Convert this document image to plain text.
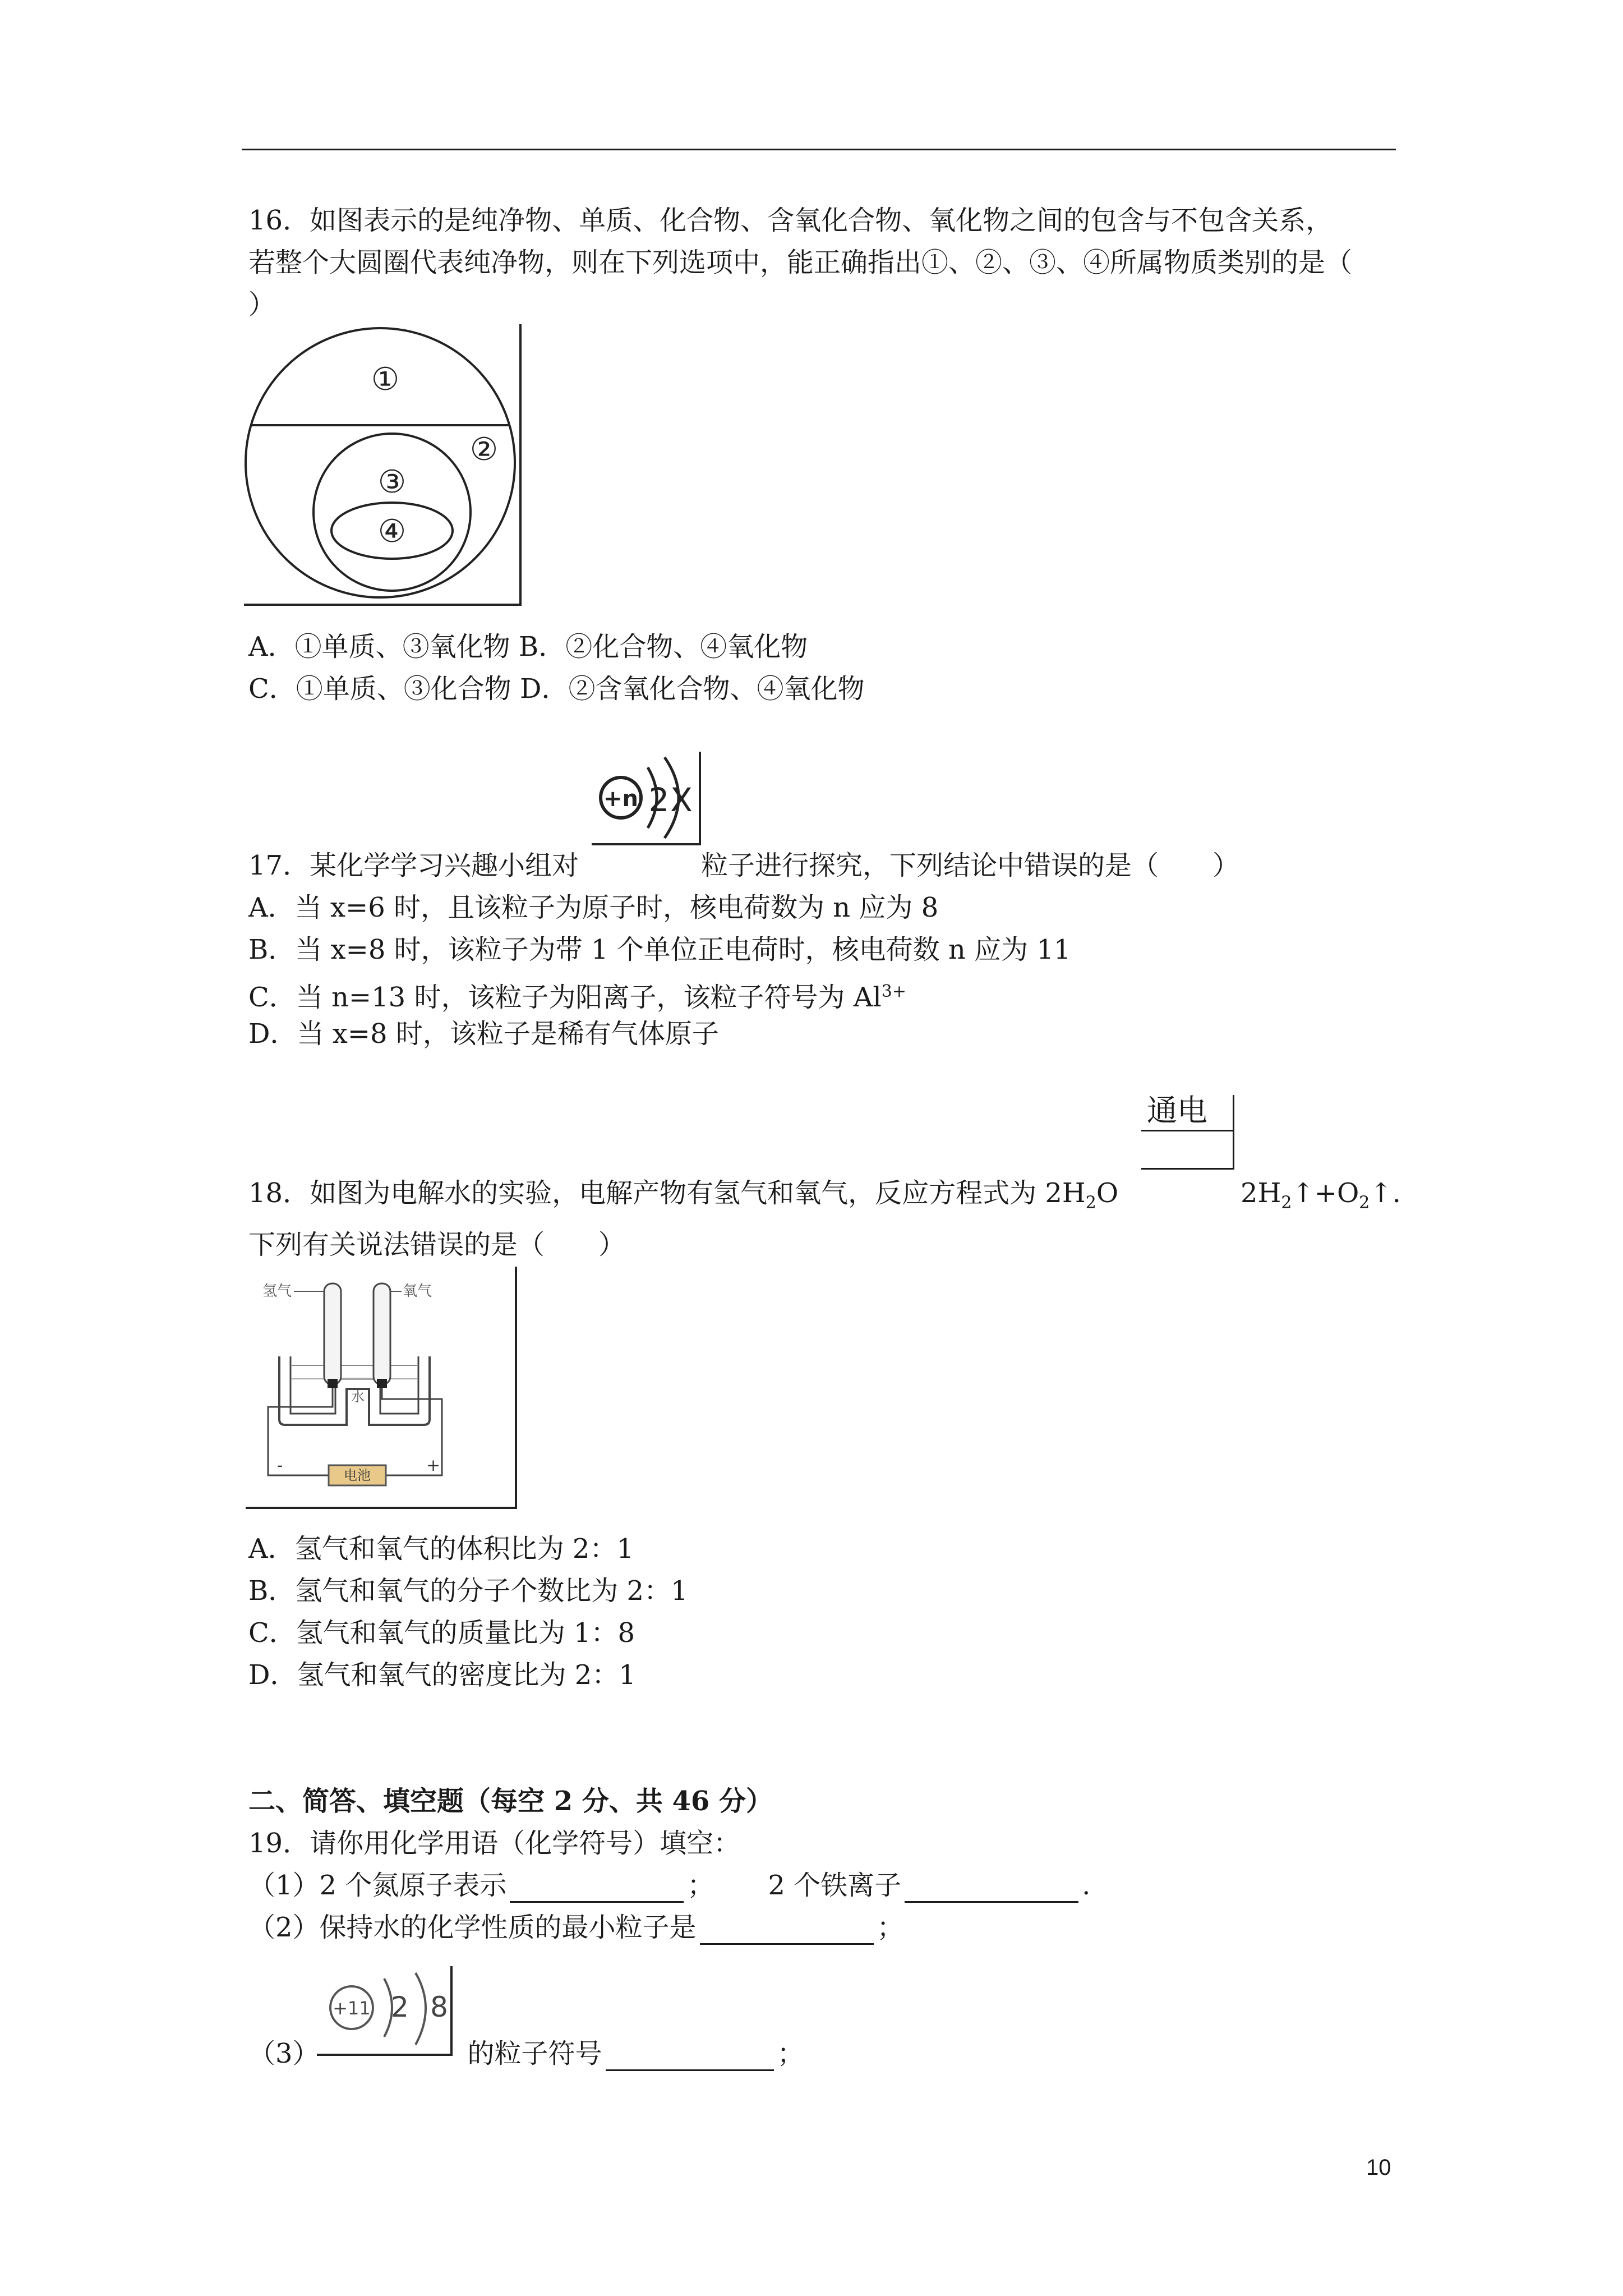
16．如图表示的是纯净物、单质、化合物、含氧化合物、氧化物之间的包含与不包含关系，
若整个大圆圈代表纯净物，则在下列选项中，能正确指出①、②、③、④所属物质类别的是（
）
①
②
③
④
A．①单质、③氧化物 B．②化合物、④氧化物
C．①单质、③化合物 D．②含氧化合物、④氧化物
+n 2 X
17．某化学学习兴趣小组对	粒子进行探究，下列结论中错误的是（　　）
A．当 x=6 时，且该粒子为原子时，核电荷数为 n 应为 8
B．当 x=8 时，该粒子为带 1 个单位正电荷时，核电荷数 n 应为 11
C．当 n=13 时，该粒子为阳离子，该粒子符号为 $Al^{3+}$
D．当 x=8 时，该粒子是稀有气体原子
通电
18．如图为电解水的实验，电解产物有氢气和氧气，反应方程式为 $2H_2O$	$2H_2↑+O_2↑$.
下列有关说法错误的是（　　）
氢气	氧气
水
电池
-	+
A．氢气和氧气的体积比为 2：1
B．氢气和氧气的分子个数比为 2：1
C．氢气和氧气的质量比为 1：8
D．氢气和氧气的密度比为 2：1
二、简答、填空题（每空 2 分、共 46 分）
19．请你用化学用语（化学符号）填空：
（1）2 个氮原子表示	； 2 个铁离子	.
（2）保持水的化学性质的最小粒子是	；
+11 2 8
（3）	的粒子符号	；
10
